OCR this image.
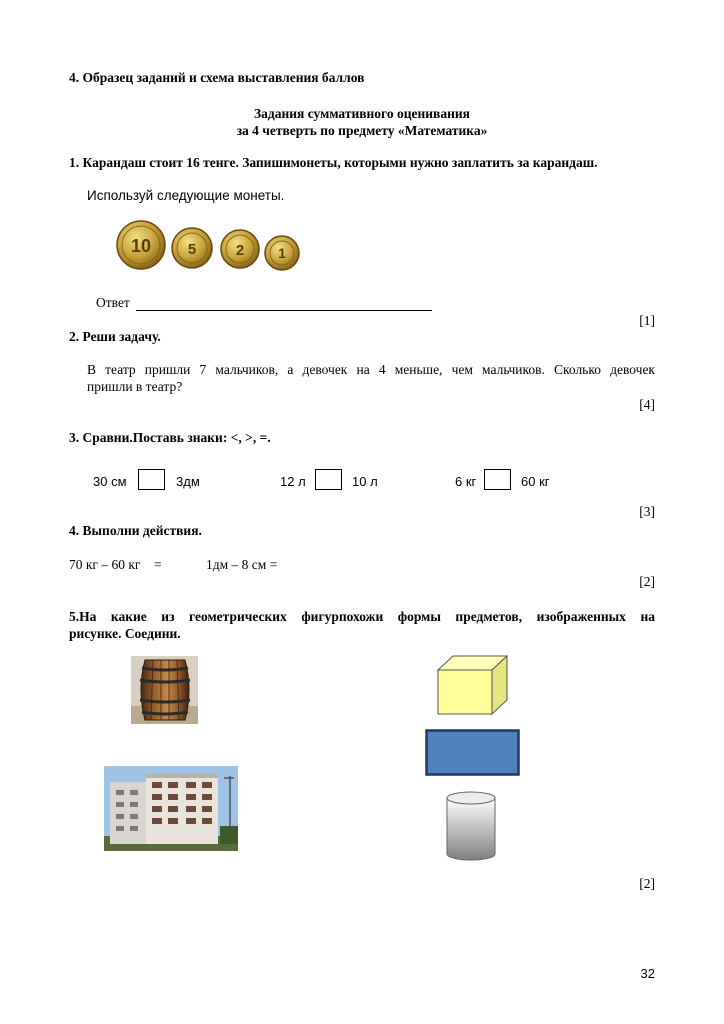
4. Образец заданий и схема выставления баллов
Задания суммативного оценивания
за 4 четверть по предмету «Математика»
1. Карандаш стоит 16 тенге. Запишимонеты, которыми нужно заплатить за карандаш.
Используй следующие монеты.
10 5	2 1
Ответ
[1]
2. Реши задачу.
В театр пришли 7 мальчиков, а девочек на 4 меньше, чем мальчиков. Сколько девочек
пришли в театр?
[4]
3. Сравни.Поставь знаки: <, >, =.
30 см	3дм	12 л	10 л	6 кг	60 кг
[3]
4. Выполни действия.
70 кг – 60 кг    =	1дм – 8 см =
[2]
5.На какие из геометрических фигурпохожи формы предметов, изображенных на
рисунке. Соедини.
[2]
32
